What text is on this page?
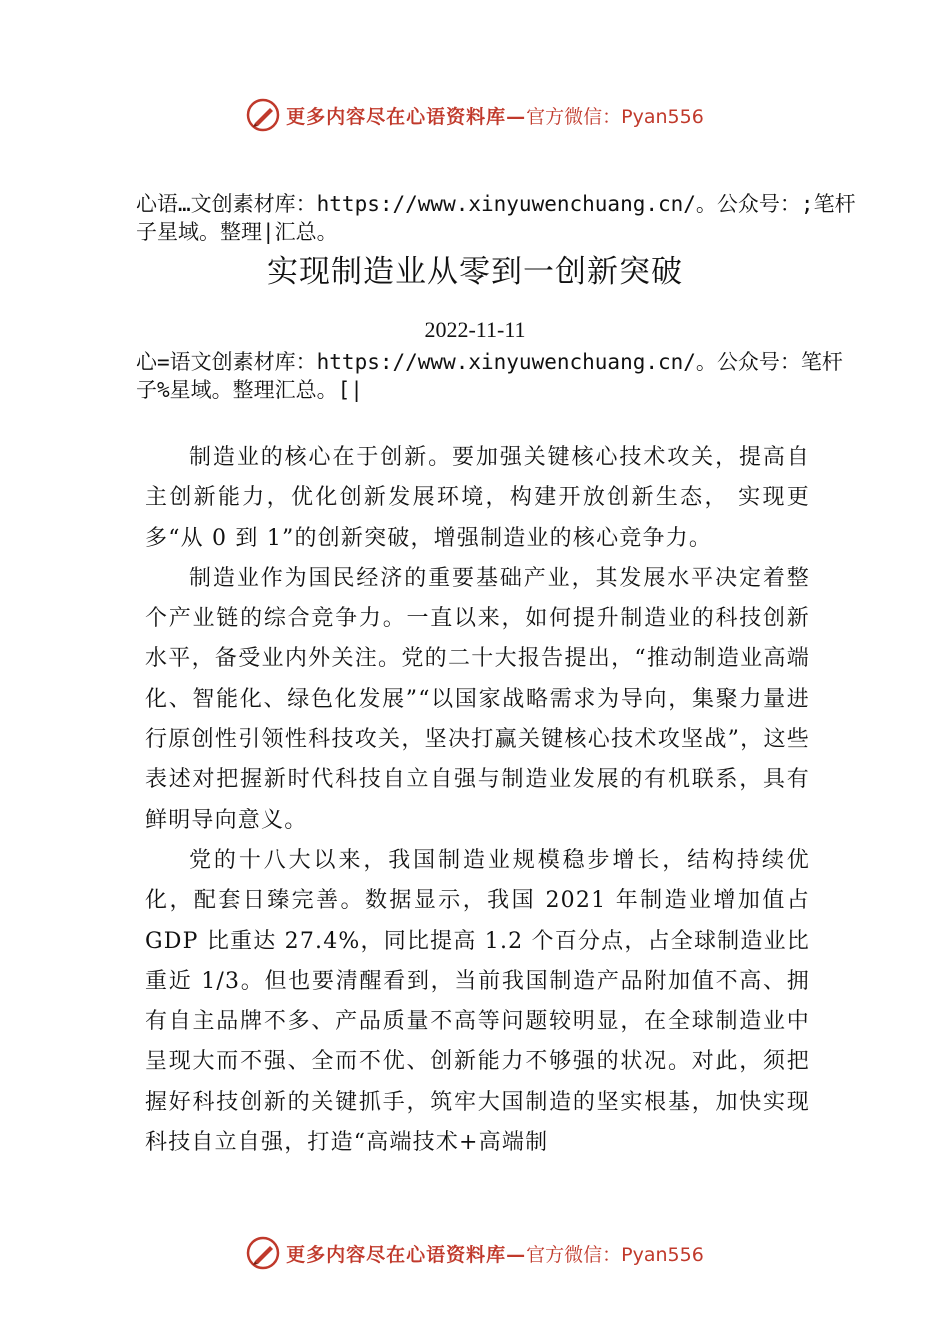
更多内容尽在心语资料库— 官方微信：Pyan556
心语…文创素材库：https://www.xinyuwenchuang.cn/。公众号：;笔杆子星域。整理|汇总。
实现制造业从零到一创新突破
2022-11-11
心=语文创素材库：https://www.xinyuwenchuang.cn/。公众号：笔杆子%星域。整理汇总。[|

制造业的核心在于创新。要加强关键核心技术攻关，提高自主创新能力，优化创新发展环境，构建开放创新生态， 实现更多“从 0 到 1”的创新突破，增强制造业的核心竞争力。

制造业作为国民经济的重要基础产业，其发展水平决定着整个产业链的综合竞争力。一直以来，如何提升制造业的科技创新水平，备受业内外关注。党的二十大报告提出，“推动制造业高端化、智能化、绿色化发展”“以国家战略需求为导向，集聚力量进行原创性引领性科技攻关，坚决打赢关键核心技术攻坚战”，这些表述对把握新时代科技自立自强与制造业发展的有机联系，具有鲜明导向意义。

党的十八大以来，我国制造业规模稳步增长，结构持续优化，配套日臻完善。数据显示，我国 2021 年制造业增加值占 GDP 比重达 27.4%，同比提高 1.2 个百分点，占全球制造业比重近 1/3。但也要清醒看到，当前我国制造产品附加值不高、拥有自主品牌不多、产品质量不高等问题较明显，在全球制造业中呈现大而不强、全而不优、创新能力不够强的状况。对此，须把握好科技创新的关键抓手，筑牢大国制造的坚实根基，加快实现科技自立自强，打造“高端技术+高端制

更多内容尽在心语资料库— 官方微信：Pyan556
